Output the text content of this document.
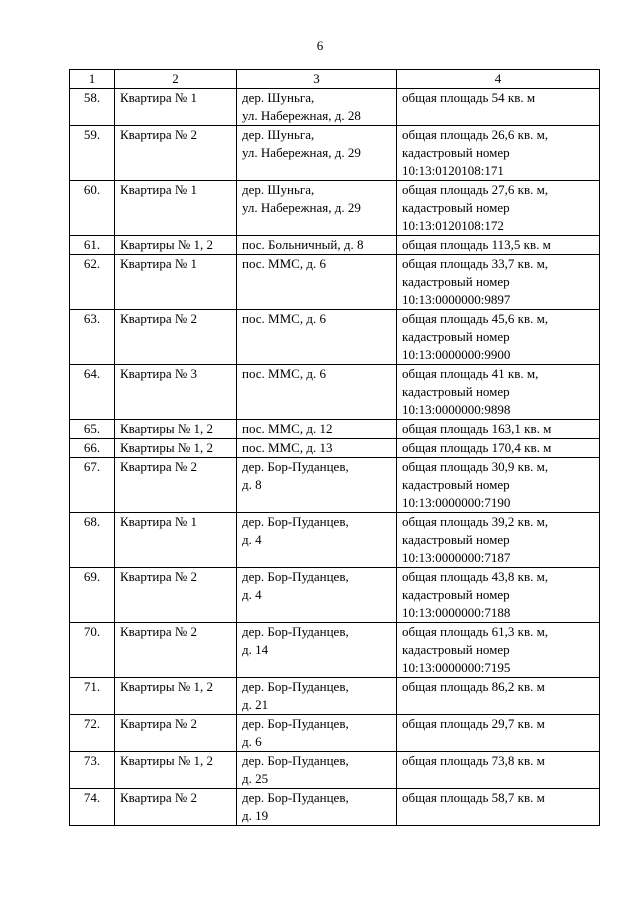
6
1	2	3	4
58.	Квартира № 1	дер. Шуньга,
ул. Набережная, д. 28	общая площадь 54 кв. м
59.	Квартира № 2	дер. Шуньга,
ул. Набережная, д. 29	общая площадь 26,6 кв. м,
кадастровый номер
10:13:0120108:171
60.	Квартира № 1	дер. Шуньга,
ул. Набережная, д. 29	общая площадь 27,6 кв. м,
кадастровый номер
10:13:0120108:172
61.	Квартиры № 1, 2	пос. Больничный, д. 8	общая площадь 113,5 кв. м
62.	Квартира № 1	пос. ММС, д. 6	общая площадь 33,7 кв. м,
кадастровый номер
10:13:0000000:9897
63.	Квартира № 2	пос. ММС, д. 6	общая площадь 45,6 кв. м,
кадастровый номер
10:13:0000000:9900
64.	Квартира № 3	пос. ММС, д. 6	общая площадь 41 кв. м,
кадастровый номер
10:13:0000000:9898
65.	Квартиры № 1, 2	пос. ММС, д. 12	общая площадь 163,1 кв. м
66.	Квартиры № 1, 2	пос. ММС, д. 13	общая площадь 170,4 кв. м
67.	Квартира № 2	дер. Бор-Пуданцев,
д. 8	общая площадь 30,9 кв. м,
кадастровый номер
10:13:0000000:7190
68.	Квартира № 1	дер. Бор-Пуданцев,
д. 4	общая площадь 39,2 кв. м,
кадастровый номер
10:13:0000000:7187
69.	Квартира № 2	дер. Бор-Пуданцев,
д. 4	общая площадь 43,8 кв. м,
кадастровый номер
10:13:0000000:7188
70.	Квартира № 2	дер. Бор-Пуданцев,
д. 14	общая площадь 61,3 кв. м,
кадастровый номер
10:13:0000000:7195
71.	Квартиры № 1, 2	дер. Бор-Пуданцев,
д. 21	общая площадь 86,2 кв. м
72.	Квартира № 2	дер. Бор-Пуданцев,
д. 6	общая площадь 29,7 кв. м
73.	Квартиры № 1, 2	дер. Бор-Пуданцев,
д. 25	общая площадь 73,8 кв. м
74.	Квартира № 2	дер. Бор-Пуданцев,
д. 19	общая площадь 58,7 кв. м
